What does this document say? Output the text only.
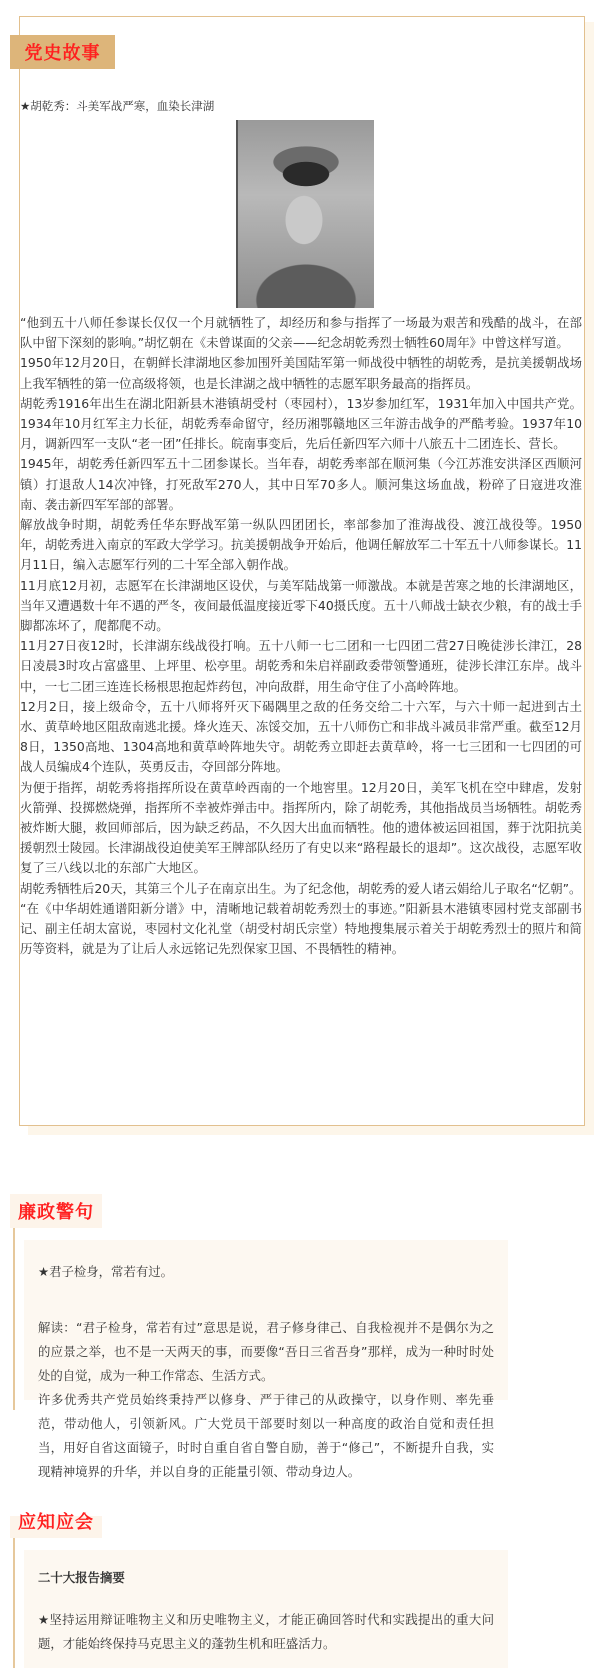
党史故事
★胡乾秀：斗美军战严寒，血染长津湖

“他到五十八师任参谋长仅仅一个月就牺牲了，却经历和参与指挥了一场最为艰苦和残酷的战斗，在部队中留下深刻的影响。”胡忆朝在《未曾谋面的父亲——纪念胡乾秀烈士牺牲60周年》中曾这样写道。

1950年12月20日，在朝鲜长津湖地区参加围歼美国陆军第一师战役中牺牲的胡乾秀，是抗美援朝战场上我军牺牲的第一位高级将领，也是长津湖之战中牺牲的志愿军职务最高的指挥员。

胡乾秀1916年出生在湖北阳新县木港镇胡受村（枣园村），13岁参加红军，1931年加入中国共产党。1934年10月红军主力长征，胡乾秀奉命留守，经历湘鄂赣地区三年游击战争的严酷考验。1937年10月，调新四军一支队“老一团”任排长。皖南事变后，先后任新四军六师十八旅五十二团连长、营长。

1945年，胡乾秀任新四军五十二团参谋长。当年春，胡乾秀率部在顺河集（今江苏淮安洪泽区西顺河镇）打退敌人14次冲锋，打死敌军270人，其中日军70多人。顺河集这场血战，粉碎了日寇进攻淮南、袭击新四军军部的部署。

解放战争时期，胡乾秀任华东野战军第一纵队四团团长，率部参加了淮海战役、渡江战役等。1950年，胡乾秀进入南京的军政大学学习。抗美援朝战争开始后，他调任解放军二十军五十八师参谋长。11月11日，编入志愿军行列的二十军全部入朝作战。

11月底12月初，志愿军在长津湖地区设伏，与美军陆战第一师激战。本就是苦寒之地的长津湖地区，当年又遭遇数十年不遇的严冬，夜间最低温度接近零下40摄氏度。五十八师战士缺衣少粮，有的战士手脚都冻坏了，爬都爬不动。

11月27日夜12时，长津湖东线战役打响。五十八师一七二团和一七四团二营27日晚徒涉长津江，28日凌晨3时攻占富盛里、上坪里、松亭里。胡乾秀和朱启祥副政委带领警通班，徒涉长津江东岸。战斗中，一七二团三连连长杨根思抱起炸药包，冲向敌群，用生命守住了小高岭阵地。

12月2日，接上级命令，五十八师将歼灭下碣隅里之敌的任务交给二十六军，与六十师一起进到古土水、黄草岭地区阻敌南逃北援。烽火连天、冻馁交加，五十八师伤亡和非战斗减员非常严重。截至12月8日，1350高地、1304高地和黄草岭阵地失守。胡乾秀立即赶去黄草岭，将一七三团和一七四团的可战人员编成4个连队，英勇反击，夺回部分阵地。

为便于指挥，胡乾秀将指挥所设在黄草岭西南的一个地窖里。12月20日，美军飞机在空中肆虐，发射火箭弹、投掷燃烧弹，指挥所不幸被炸弹击中。指挥所内，除了胡乾秀，其他指战员当场牺牲。胡乾秀被炸断大腿，救回师部后，因为缺乏药品，不久因大出血而牺牲。他的遗体被运回祖国，葬于沈阳抗美援朝烈士陵园。长津湖战役迫使美军王牌部队经历了有史以来“路程最长的退却”。这次战役，志愿军收复了三八线以北的东部广大地区。

胡乾秀牺牲后20天，其第三个儿子在南京出生。为了纪念他，胡乾秀的爱人诸云娟给儿子取名“忆朝”。

“在《中华胡姓通谱阳新分谱》中，清晰地记载着胡乾秀烈士的事迹。”阳新县木港镇枣园村党支部副书记、副主任胡太富说，枣园村文化礼堂（胡受村胡氏宗堂）特地搜集展示着关于胡乾秀烈士的照片和简历等资料，就是为了让后人永远铭记先烈保家卫国、不畏牺牲的精神。

廉政警句

★君子检身，常若有过。

解读：“君子检身，常若有过”意思是说，君子修身律己、自我检视并不是偶尔为之的应景之举，也不是一天两天的事，而要像“吾日三省吾身”那样，成为一种时时处处的自觉，成为一种工作常态、生活方式。

许多优秀共产党员始终秉持严以修身、严于律己的从政操守，以身作则、率先垂范，带动他人，引领新风。广大党员干部要时刻以一种高度的政治自觉和责任担当，用好自省这面镜子，时时自重自省自警自励，善于“修己”，不断提升自我，实现精神境界的升华，并以自身的正能量引领、带动身边人。

应知应会

二十大报告摘要

★坚持运用辩证唯物主义和历史唯物主义，才能正确回答时代和实践提出的重大问题，才能始终保持马克思主义的蓬勃生机和旺盛活力。
